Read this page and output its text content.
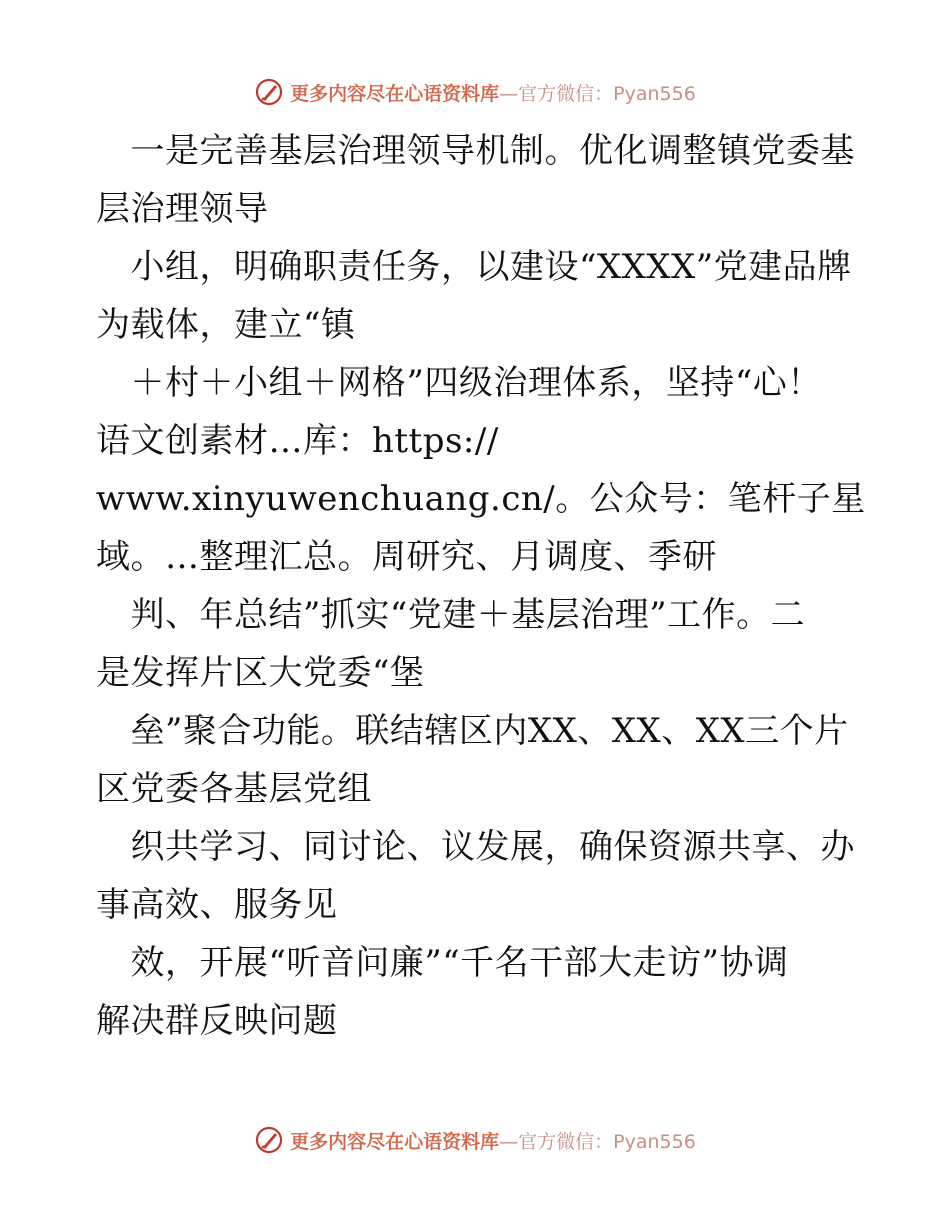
更多内容尽在心语资料库—官方微信：Pyan556
　一是完善基层治理领导机制。优化调整镇党委基
层治理领导
　小组，明确职责任务，以建设“XXXX”党建品牌
为载体，建立“镇
　＋村＋小组＋网格”四级治理体系，坚持“心！
语文创素材…库：https://
www.xinyuwenchuang.cn/。公众号：笔杆子星
域。…整理汇总。周研究、月调度、季研
　判、年总结”抓实“党建＋基层治理”工作。二
是发挥片区大党委“堡
　垒”聚合功能。联结辖区内XX、XX、XX三个片
区党委各基层党组
　织共学习、同讨论、议发展，确保资源共享、办
事高效、服务见
　效，开展“听音问廉”“千名干部大走访”协调
解决群反映问题
更多内容尽在心语资料库—官方微信：Pyan556
